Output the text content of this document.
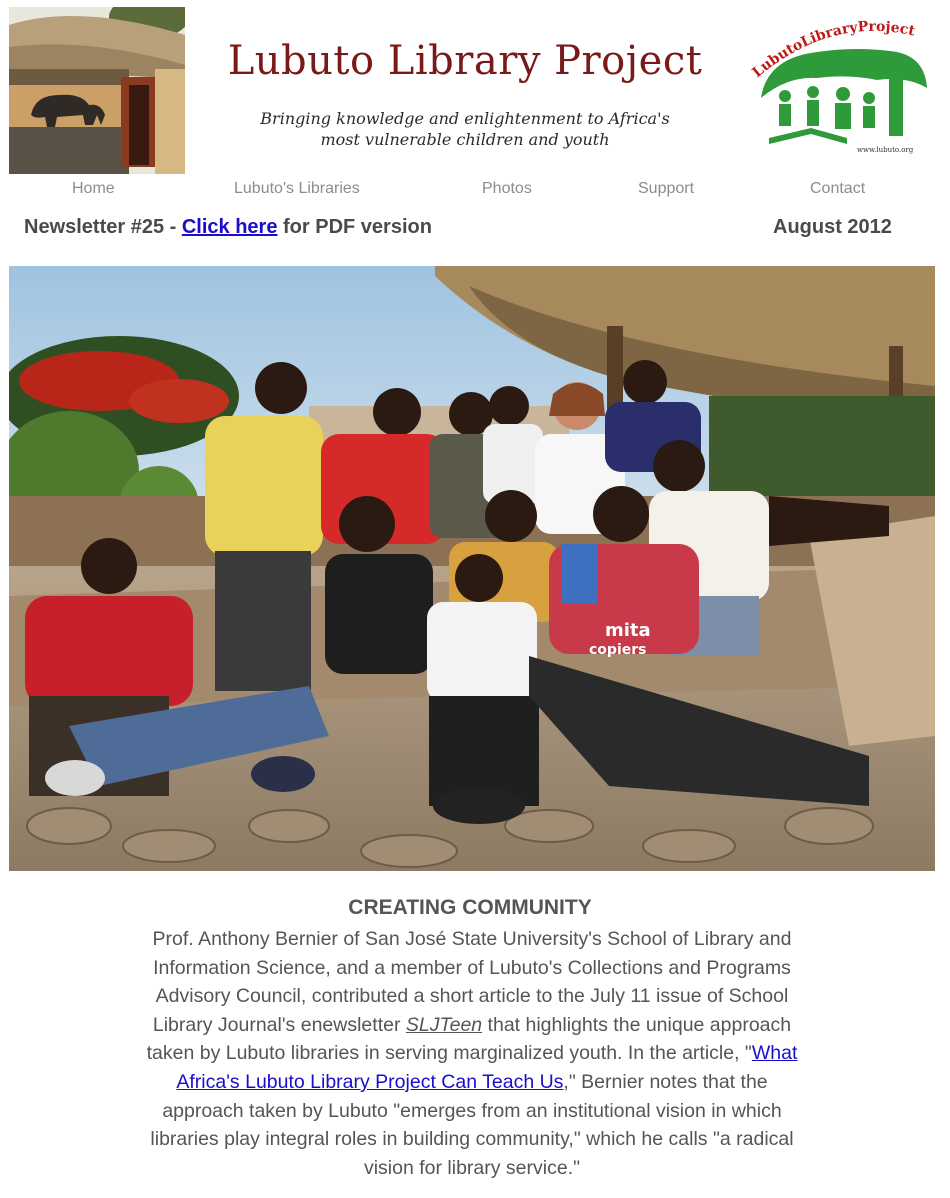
Lubuto Library Project
Bringing knowledge and enlightenment to Africa's
most vulnerable children and youth
LubutoLibraryProject
www.lubuto.org
Home	Lubuto's Libraries	Photos	Support	Contact
Newsletter #25 - Click here for PDF version	August 2012
mita
copiers
CREATING COMMUNITY
Prof. Anthony Bernier of San José State University's School of Library and Information Science, and a member of Lubuto's Collections and Programs Advisory Council, contributed a short article to the July 11 issue of School Library Journal's enewsletter SLJTeen that highlights the unique approach taken by Lubuto libraries in serving marginalized youth. In the article, "What Africa's Lubuto Library Project Can Teach Us," Bernier notes that the approach taken by Lubuto "emerges from an institutional vision in which libraries play integral roles in building community," which he calls "a radical vision for library service."
